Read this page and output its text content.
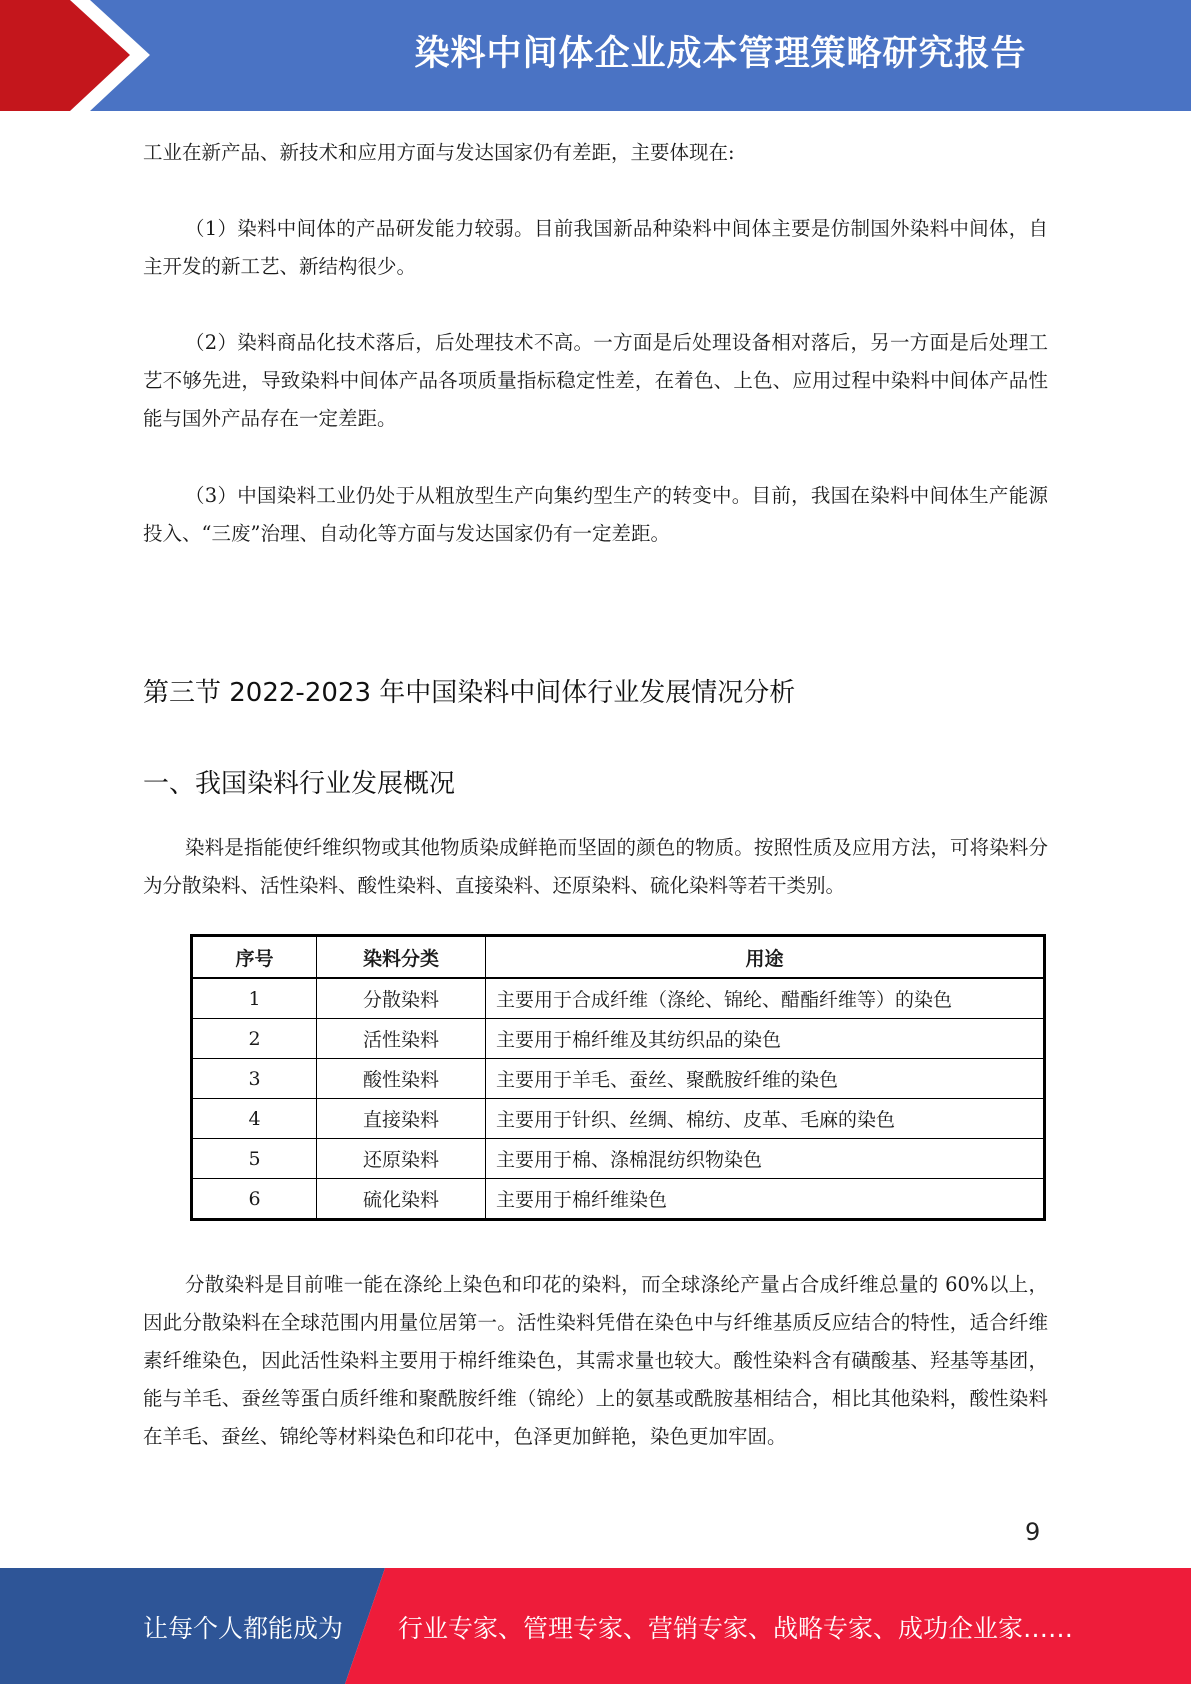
染料中间体企业成本管理策略研究报告

工业在新产品、新技术和应用方面与发达国家仍有差距，主要体现在:

（1）染料中间体的产品研发能力较弱。目前我国新品种染料中间体主要是仿制国外染料中间体，自主开发的新工艺、新结构很少。

（2）染料商品化技术落后，后处理技术不高。一方面是后处理设备相对落后，另一方面是后处理工艺不够先进，导致染料中间体产品各项质量指标稳定性差，在着色、上色、应用过程中染料中间体产品性能与国外产品存在一定差距。

（3）中国染料工业仍处于从粗放型生产向集约型生产的转变中。目前，我国在染料中间体生产能源投入、“三废”治理、自动化等方面与发达国家仍有一定差距。

第三节 2022-2023 年中国染料中间体行业发展情况分析
一、我国染料行业发展概况

染料是指能使纤维织物或其他物质染成鲜艳而坚固的颜色的物质。按照性质及应用方法，可将染料分为分散染料、活性染料、酸性染料、直接染料、还原染料、硫化染料等若干类别。

序号	染料分类	用途
1	分散染料	主要用于合成纤维（涤纶、锦纶、醋酯纤维等）的染色
2	活性染料	主要用于棉纤维及其纺织品的染色
3	酸性染料	主要用于羊毛、蚕丝、聚酰胺纤维的染色
4	直接染料	主要用于针织、丝绸、棉纺、皮革、毛麻的染色
5	还原染料	主要用于棉、涤棉混纺织物染色
6	硫化染料	主要用于棉纤维染色

分散染料是目前唯一能在涤纶上染色和印花的染料，而全球涤纶产量占合成纤维总量的 60%以上，因此分散染料在全球范围内用量位居第一。活性染料凭借在染色中与纤维基质反应结合的特性，适合纤维素纤维染色，因此活性染料主要用于棉纤维染色，其需求量也较大。酸性染料含有磺酸基、羟基等基团，能与羊毛、蚕丝等蛋白质纤维和聚酰胺纤维（锦纶）上的氨基或酰胺基相结合，相比其他染料，酸性染料在羊毛、蚕丝、锦纶等材料染色和印花中，色泽更加鲜艳，染色更加牢固。

9
让每个人都能成为 行业专家、管理专家、营销专家、战略专家、成功企业家……
